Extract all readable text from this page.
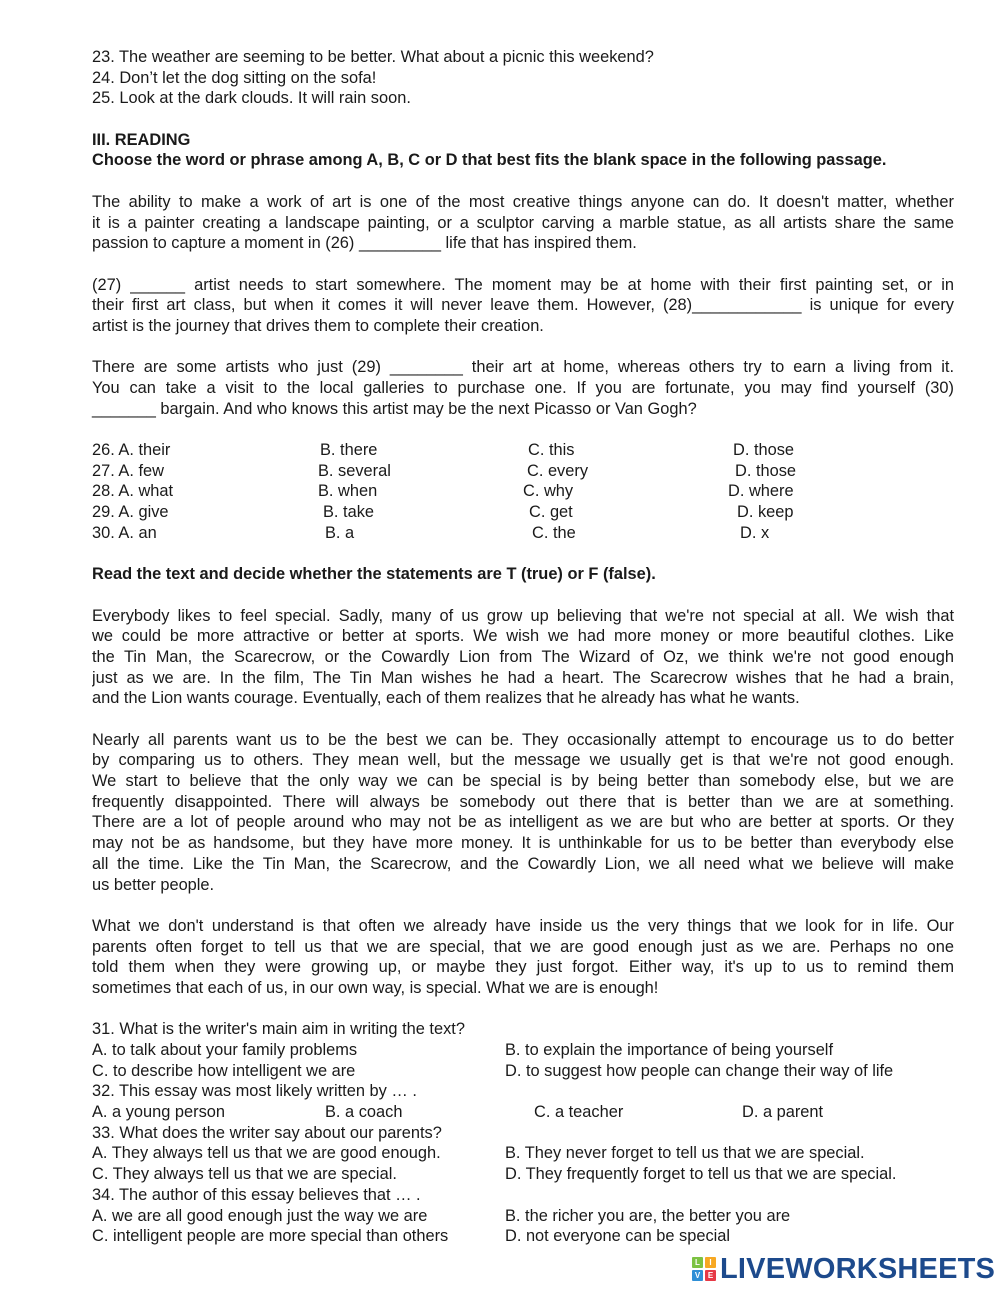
23. The weather are seeming to be better. What about a picnic this weekend?
24. Don’t let the dog sitting on the sofa!
25. Look at the dark clouds. It will rain soon.
III. READING
Choose the word or phrase among A, B, C or D that best fits the blank space in the following passage.
The ability to make a work of art is one of the most creative things anyone can do. It doesn't matter, whether
it is a painter creating a landscape painting, or a sculptor carving a marble statue, as all artists share the same
passion to capture a moment in (26) _________ life that has inspired them.
(27) ______ artist needs to start somewhere. The moment may be at home with their first painting set, or in
their first art class, but when it comes it will never leave them. However, (28)____________ is unique for every
artist is the journey that drives them to complete their creation.
There are some artists who just (29) ________ their art at home, whereas others try to earn a living from it.
You can take a visit to the local galleries to purchase one. If you are fortunate, you may find yourself (30)
_______ bargain. And who knows this artist may be the next Picasso or Van Gogh?
26. A. their	B. there	C. this	D. those
27. A. few	B. several	C. every	D. those
28. A. what	B. when	C. why	D. where
29. A. give	B. take	C. get	D. keep
30. A. an	B. a	C. the	D. x
Read the text and decide whether the statements are T (true) or F (false).
Everybody likes to feel special. Sadly, many of us grow up believing that we're not special at all. We wish that
we could be more attractive or better at sports. We wish we had more money or more beautiful clothes. Like
the Tin Man, the Scarecrow, or the Cowardly Lion from The Wizard of Oz, we think we're not good enough
just as we are. In the film, The Tin Man wishes he had a heart. The Scarecrow wishes that he had a brain,
and the Lion wants courage. Eventually, each of them realizes that he already has what he wants.
Nearly all parents want us to be the best we can be. They occasionally attempt to encourage us to do better
by comparing us to others. They mean well, but the message we usually get is that we're not good enough.
We start to believe that the only way we can be special is by being better than somebody else, but we are
frequently disappointed. There will always be somebody out there that is better than we are at something.
There are a lot of people around who may not be as intelligent as we are but who are better at sports. Or they
may not be as handsome, but they have more money. It is unthinkable for us to be better than everybody else
all the time. Like the Tin Man, the Scarecrow, and the Cowardly Lion, we all need what we believe will make
us better people.
What we don't understand is that often we already have inside us the very things that we look for in life. Our
parents often forget to tell us that we are special, that we are good enough just as we are. Perhaps no one
told them when they were growing up, or maybe they just forgot. Either way, it's up to us to remind them
sometimes that each of us, in our own way, is special. What we are is enough!
31. What is the writer's main aim in writing the text?
A. to talk about your family problems	B. to explain the importance of being yourself
C. to describe how intelligent we are	D. to suggest how people can change their way of life
32. This essay was most likely written by … .
A. a young person	B. a coach	C. a teacher	D. a parent
33. What does the writer say about our parents?
A. They always tell us that we are good enough.	B. They never forget to tell us that we are special.
C. They always tell us that we are special.	D. They frequently forget to tell us that we are special.
34. The author of this essay believes that … .
A. we are all good enough just the way we are	B. the richer you are, the better you are
C. intelligent people are more special than others	D. not everyone can be special
L	I
V E LIVEWORKSHEETS
